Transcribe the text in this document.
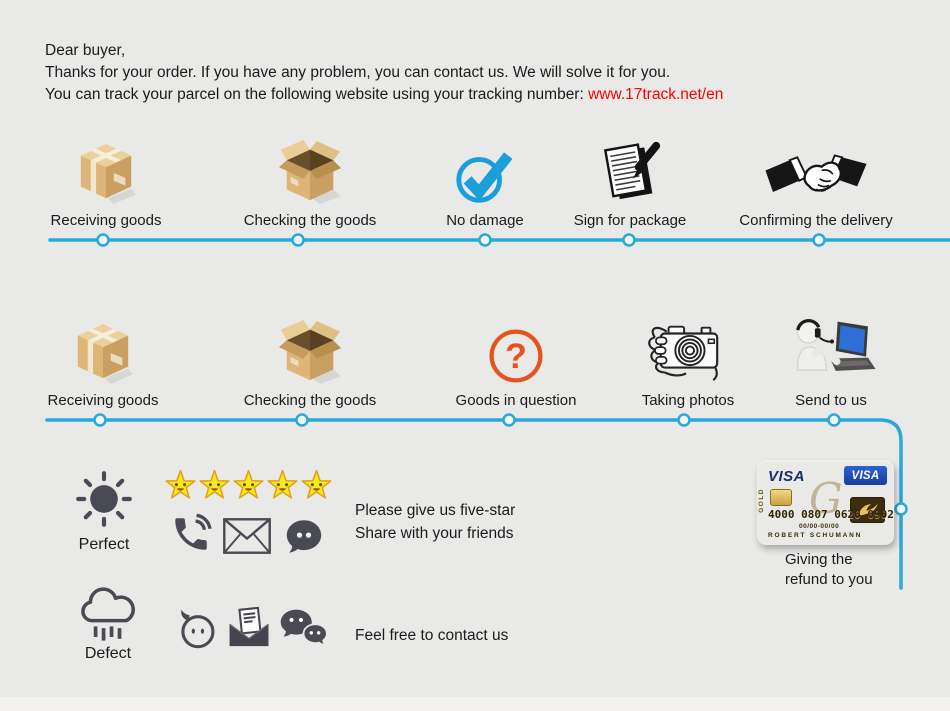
Dear buyer,
Thanks for your order. If you have any problem, you can contact us. We will solve it for you.
You can track your parcel on the following website using your tracking number: www.17track.net/en
Receiving goods	Checking the goods	No damage	Sign for package	Confirming the delivery
Receiving goods	Checking the goods
?
Goods in question	Taking photos	Send to us
Perfect
Please give us five-star
Share with your friends
VISA	VISA
GOLD G
4000 0807 0620 0902
00/00-00/00
ROBERT SCHUMANN
Giving the
refund to you
Defect
Feel free to contact us
